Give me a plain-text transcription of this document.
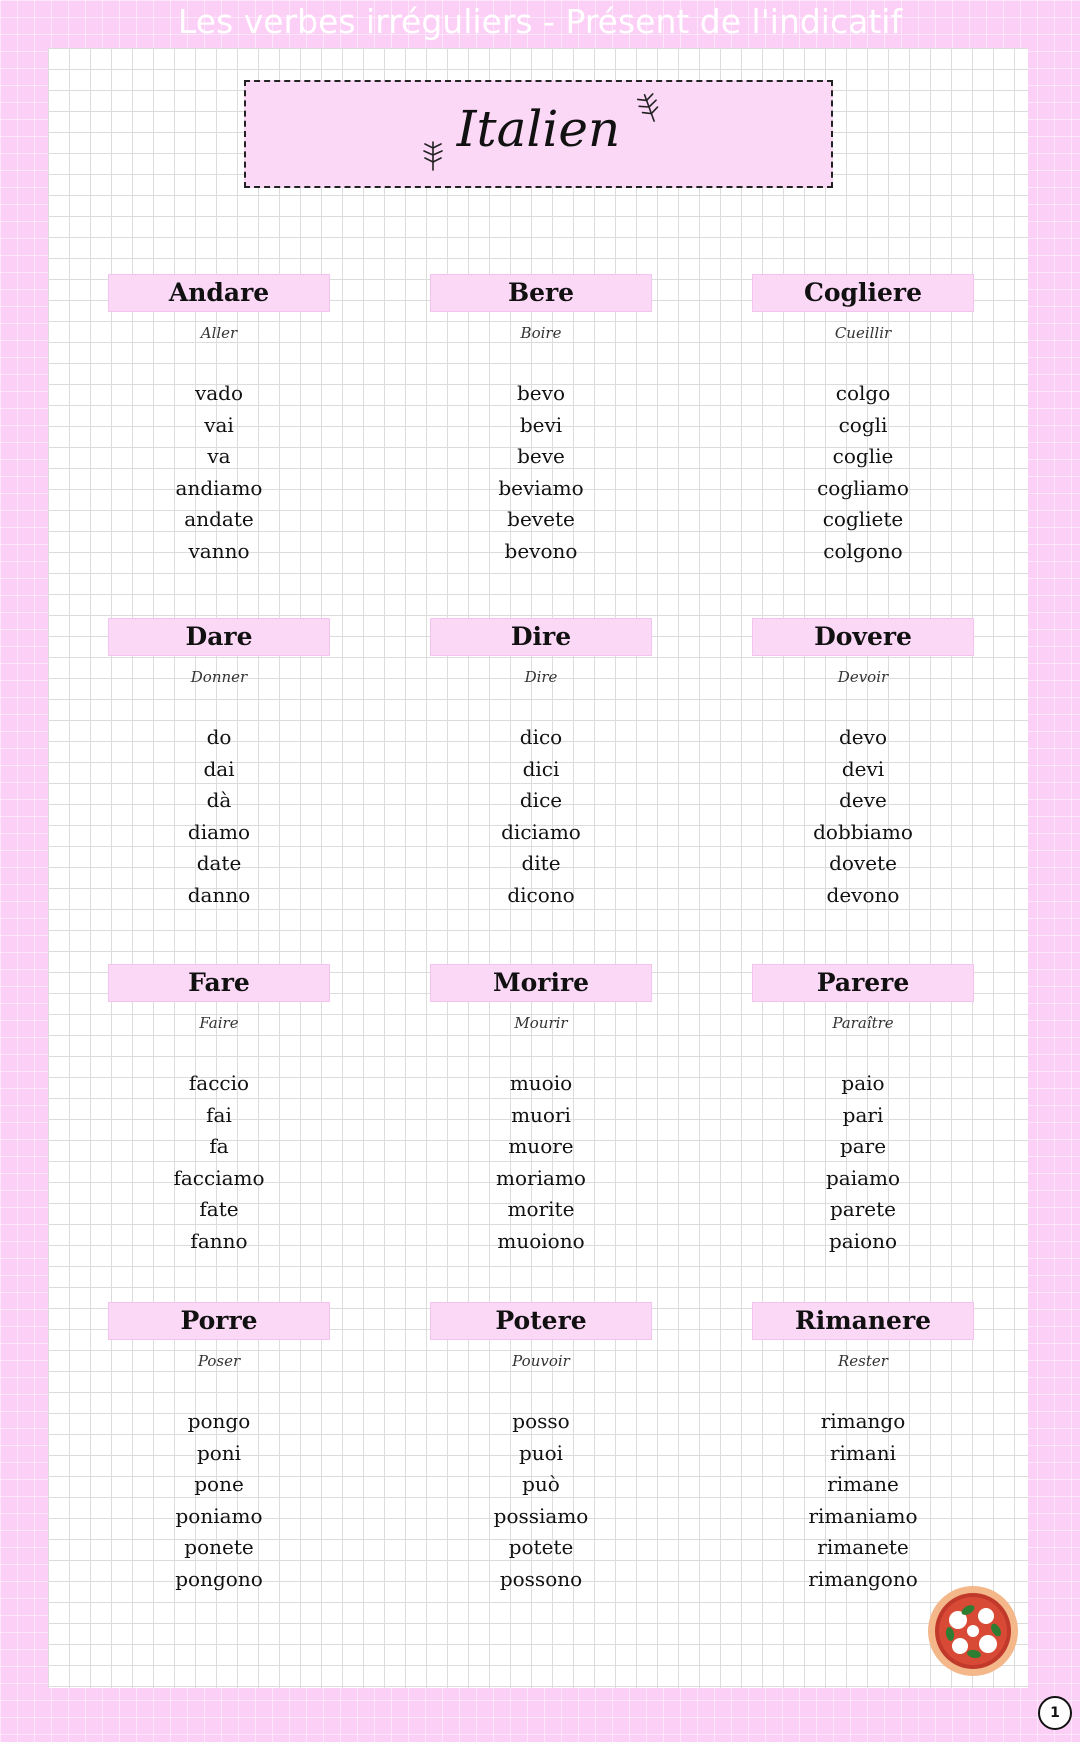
Les verbes irréguliers - Présent de l'indicatif
Italien
Andare
Aller
vado
vai
va
andiamo
andate
vanno
Bere
Boire
bevo
bevi
beve
beviamo
bevete
bevono
Cogliere
Cueillir
colgo
cogli
coglie
cogliamo
cogliete
colgono
Dare
Donner
do
dai
dà
diamo
date
danno
Dire
Dire
dico
dici
dice
diciamo
dite
dicono
Dovere
Devoir
devo
devi
deve
dobbiamo
dovete
devono
Fare
Faire
faccio
fai
fa
facciamo
fate
fanno
Morire
Mourir
muoio
muori
muore
moriamo
morite
muoiono
Parere
Paraître
paio
pari
pare
paiamo
parete
paiono
Porre
Poser
pongo
poni
pone
poniamo
ponete
pongono
Potere
Pouvoir
posso
puoi
può
possiamo
potete
possono
Rimanere
Rester
rimango
rimani
rimane
rimaniamo
rimanete
rimangono
1
